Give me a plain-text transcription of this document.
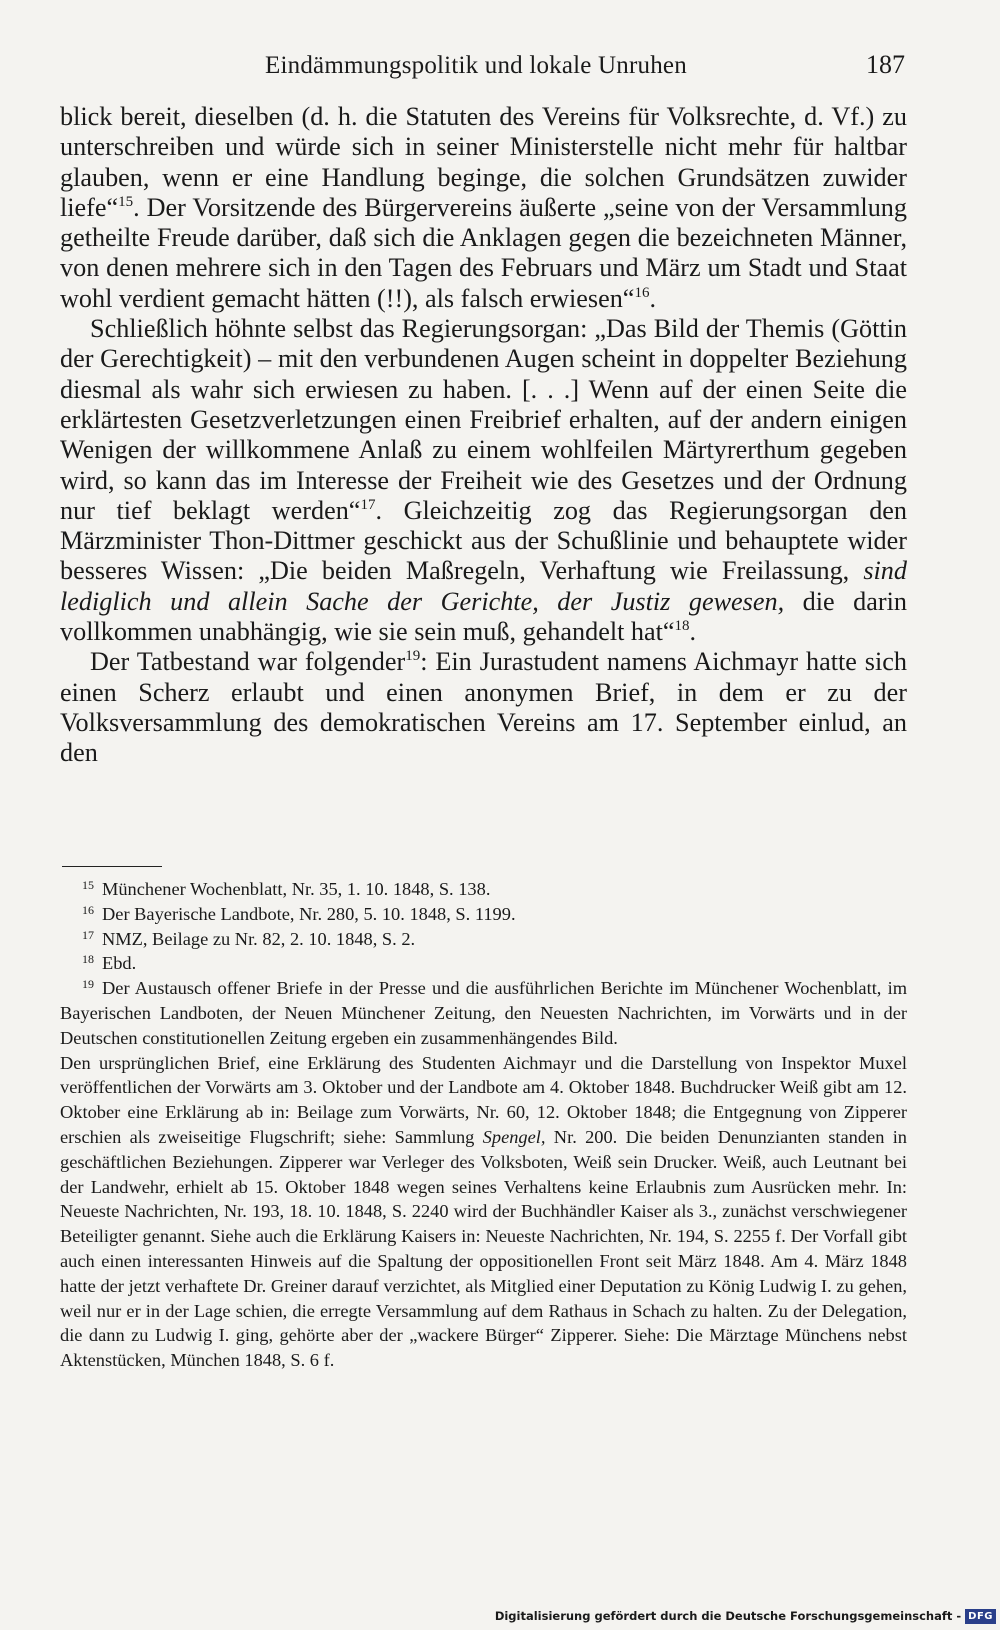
Eindämmungspolitik und lokale Unruhen	187

blick bereit, dieselben (d. h. die Statuten des Vereins für Volksrechte, d. Vf.) zu unterschreiben und würde sich in seiner Ministerstelle nicht mehr für haltbar glauben, wenn er eine Handlung beginge, die solchen Grundsätzen zuwider liefe“$^{15}$. Der Vorsitzende des Bürgervereins äußerte „seine von der Versammlung getheilte Freude darüber, daß sich die Anklagen gegen die bezeichneten Männer, von denen mehrere sich in den Tagen des Februars und März um Stadt und Staat wohl verdient gemacht hätten (!!), als falsch erwiesen“$^{16}$.

Schließlich höhnte selbst das Regierungsorgan: „Das Bild der Themis (Göttin der Gerechtigkeit) – mit den verbundenen Augen scheint in doppelter Beziehung diesmal als wahr sich erwiesen zu haben. [. . .] Wenn auf der einen Seite die erklärtesten Gesetzverletzungen einen Freibrief erhalten, auf der andern einigen Wenigen der willkommene Anlaß zu einem wohlfeilen Märtyrerthum gegeben wird, so kann das im Interesse der Freiheit wie des Gesetzes und der Ordnung nur tief beklagt werden“$^{17}$. Gleichzeitig zog das Regierungsorgan den Märzminister Thon-Dittmer geschickt aus der Schußlinie und behauptete wider besseres Wissen: „Die beiden Maßregeln, Verhaftung wie Freilassung, sind lediglich und allein Sache der Gerichte, der Justiz gewesen, die darin vollkommen unabhängig, wie sie sein muß, gehandelt hat“$^{18}$.

Der Tatbestand war folgender$^{19}$: Ein Jurastudent namens Aichmayr hatte sich einen Scherz erlaubt und einen anonymen Brief, in dem er zu der Volksversammlung des demokratischen Vereins am 17. September einlud, an den

$^{15}$ Münchener Wochenblatt, Nr. 35, 1. 10. 1848, S. 138.

$^{16}$ Der Bayerische Landbote, Nr. 280, 5. 10. 1848, S. 1199.

$^{17}$ NMZ, Beilage zu Nr. 82, 2. 10. 1848, S. 2.

$^{18}$ Ebd.

$^{19}$ Der Austausch offener Briefe in der Presse und die ausführlichen Berichte im Münchener Wochenblatt, im Bayerischen Landboten, der Neuen Münchener Zeitung, den Neuesten Nachrichten, im Vorwärts und in der Deutschen constitutionellen Zeitung ergeben ein zusammenhängendes Bild.

Den ursprünglichen Brief, eine Erklärung des Studenten Aichmayr und die Darstellung von Inspektor Muxel veröffentlichen der Vorwärts am 3. Oktober und der Landbote am 4. Oktober 1848. Buchdrucker Weiß gibt am 12. Oktober eine Erklärung ab in: Beilage zum Vorwärts, Nr. 60, 12. Oktober 1848; die Entgegnung von Zipperer erschien als zweiseitige Flugschrift; siehe: Sammlung Spengel, Nr. 200. Die beiden Denunzianten standen in geschäftlichen Beziehungen. Zipperer war Verleger des Volksboten, Weiß sein Drucker. Weiß, auch Leutnant bei der Landwehr, erhielt ab 15. Oktober 1848 wegen seines Verhaltens keine Erlaubnis zum Ausrücken mehr. In: Neueste Nachrichten, Nr. 193, 18. 10. 1848, S. 2240 wird der Buchhändler Kaiser als 3., zunächst verschwiegener Beteiligter genannt. Siehe auch die Erklärung Kaisers in: Neueste Nachrichten, Nr. 194, S. 2255 f. Der Vorfall gibt auch einen interessanten Hinweis auf die Spaltung der oppositionellen Front seit März 1848. Am 4. März 1848 hatte der jetzt verhaftete Dr. Greiner darauf verzichtet, als Mitglied einer Deputation zu König Ludwig I. zu gehen, weil nur er in der Lage schien, die erregte Versammlung auf dem Rathaus in Schach zu halten. Zu der Delegation, die dann zu Ludwig I. ging, gehörte aber der „wackere Bürger“ Zipperer. Siehe: Die Märztage Münchens nebst Aktenstücken, München 1848, S. 6 f.

Digitalisierung gefördert durch die Deutsche Forschungsgemeinschaft - DFG
